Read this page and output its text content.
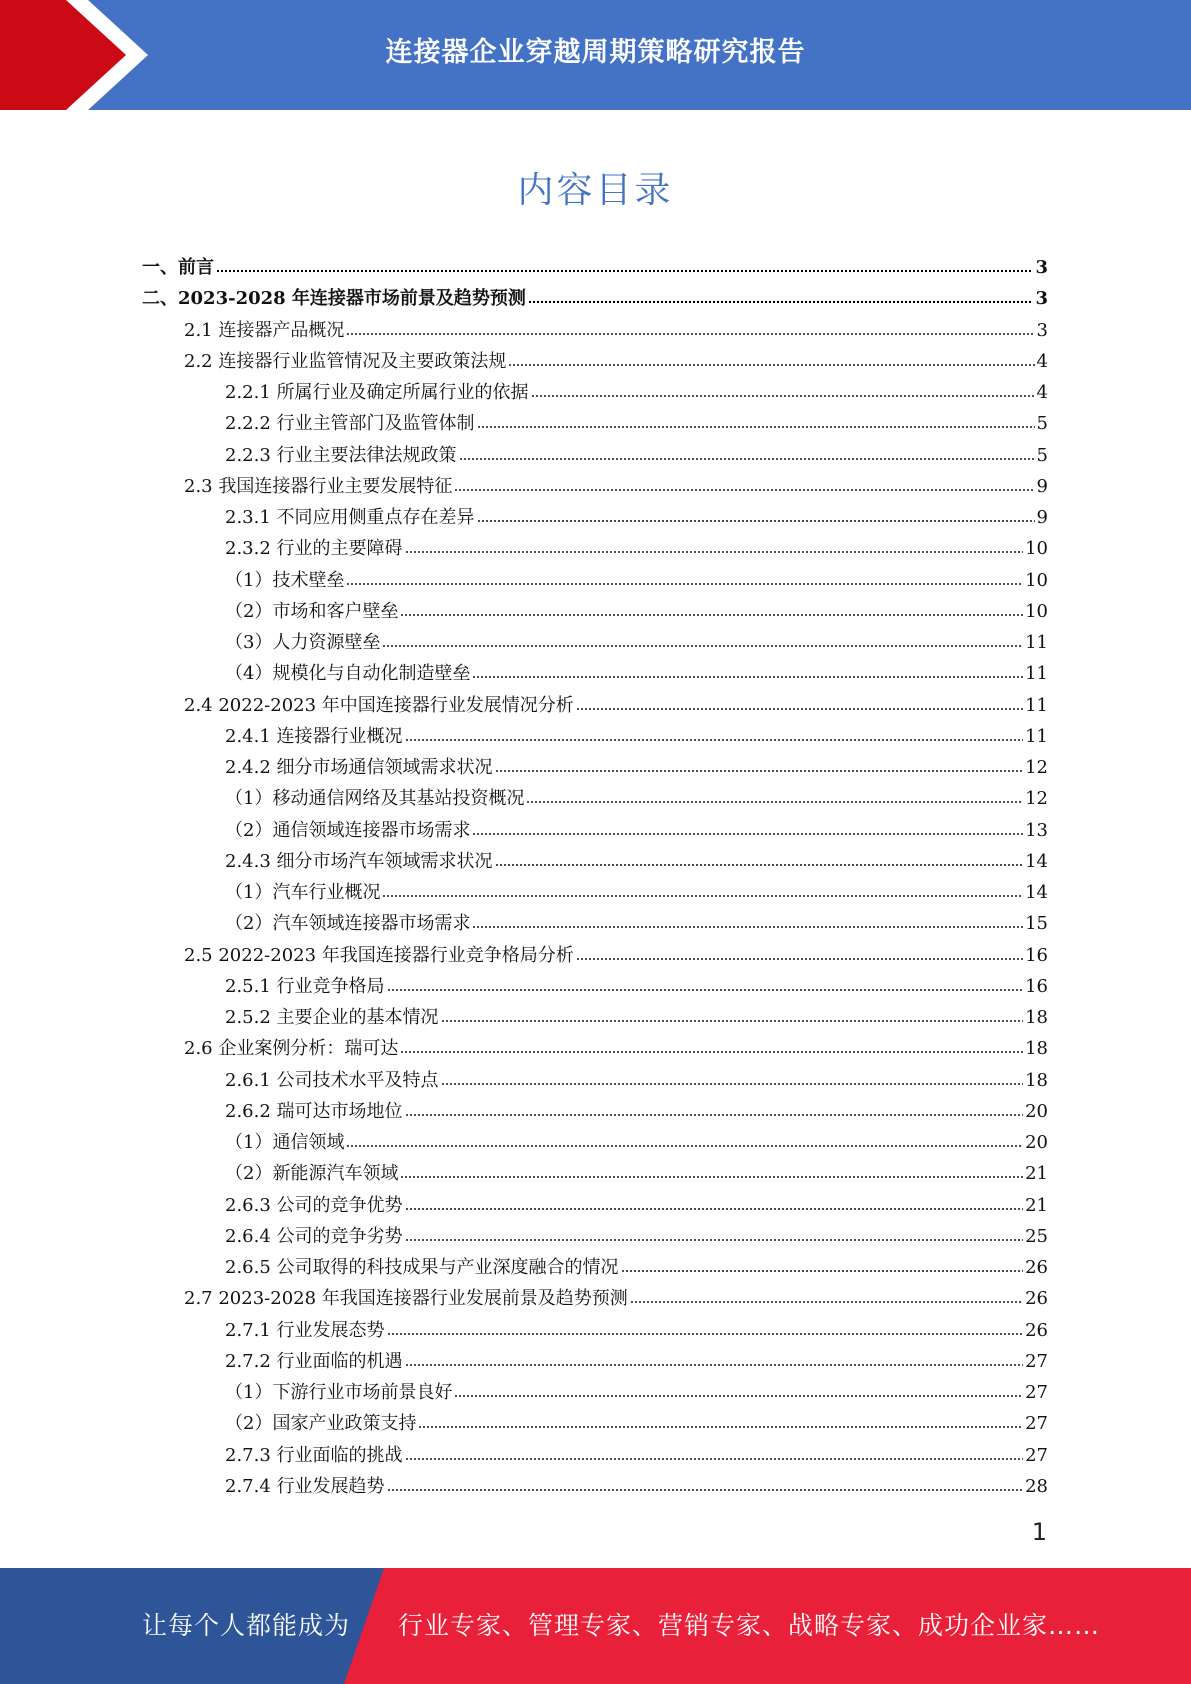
连接器企业穿越周期策略研究报告
内容目录
一、前言	3
二、2023-2028 年连接器市场前景及趋势预测	3
2.1 连接器产品概况	3
2.2 连接器行业监管情况及主要政策法规	4
2.2.1 所属行业及确定所属行业的依据	4
2.2.2 行业主管部门及监管体制	5
2.2.3 行业主要法律法规政策	5
2.3 我国连接器行业主要发展特征	9
2.3.1 不同应用侧重点存在差异	9
2.3.2 行业的主要障碍	10
（1）技术壁垒	10
（2）市场和客户壁垒	10
（3）人力资源壁垒	11
（4）规模化与自动化制造壁垒	11
2.4 2022-2023 年中国连接器行业发展情况分析	11
2.4.1 连接器行业概况	11
2.4.2 细分市场通信领域需求状况	12
（1）移动通信网络及其基站投资概况	12
（2）通信领域连接器市场需求	13
2.4.3 细分市场汽车领域需求状况	14
（1）汽车行业概况	14
（2）汽车领域连接器市场需求	15
2.5 2022-2023 年我国连接器行业竞争格局分析	16
2.5.1 行业竞争格局	16
2.5.2 主要企业的基本情况	18
2.6 企业案例分析：瑞可达	18
2.6.1 公司技术水平及特点	18
2.6.2 瑞可达市场地位	20
（1）通信领域	20
（2）新能源汽车领域	21
2.6.3 公司的竞争优势	21
2.6.4 公司的竞争劣势	25
2.6.5 公司取得的科技成果与产业深度融合的情况	26
2.7 2023-2028 年我国连接器行业发展前景及趋势预测	26
2.7.1 行业发展态势	26
2.7.2 行业面临的机遇	27
（1）下游行业市场前景良好	27
（2）国家产业政策支持	27
2.7.3 行业面临的挑战	27
2.7.4 行业发展趋势	28
1
让每个人都能成为 行业专家、管理专家、营销专家、战略专家、成功企业家……
